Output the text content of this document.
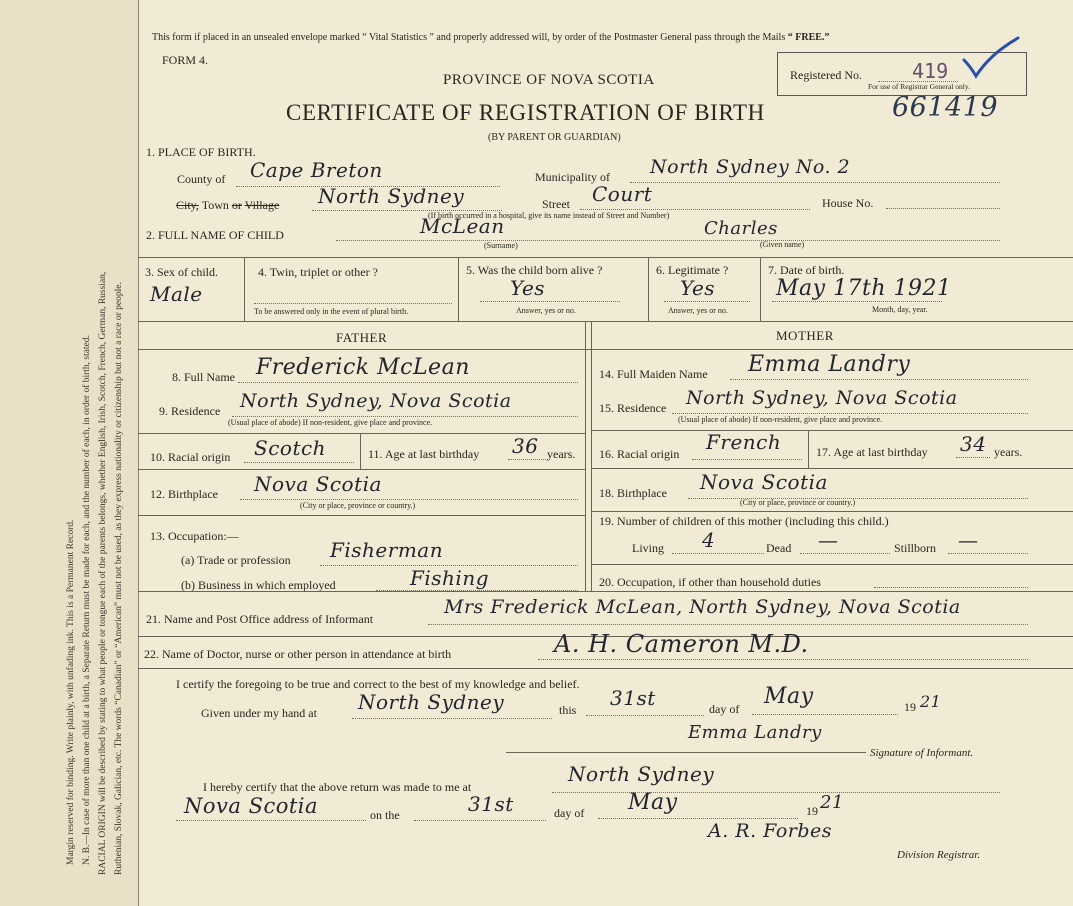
Margin reserved for binding. Write plainly, with unfading ink. This is a Permanent Record. N. B.—In case of more than one child at a birth, a Separate Return must be made for each, and the number of each, in order of birth, stated. RACIAL ORIGIN will be described by stating to what people or tongue each of the parents belongs, whether English, Irish, Scotch, French, German, Russian, Ruthenian, Slovak, Galician, etc. The words “Canadian” or “American” must not be used, as they express nationality or citizenship but not a race or people.
This form if placed in an unsealed envelope marked “ Vital Statistics ” and properly addressed will, by order of the Postmaster General pass through the Mails “ FREE.”
FORM 4.
PROVINCE OF NOVA SCOTIA
CERTIFICATE OF REGISTRATION OF BIRTH
(BY PARENT OR GUARDIAN)
661419
Registered No.	419
For use of Registrar General only.
1. PLACE OF BIRTH.
County of Cape Breton	Municipality of North Sydney No. 2
City, Town or Village North Sydney	Street Court	House No.
(If birth occurred in a hospital, give its name instead of Street and Number)
2. FULL NAME OF CHILD	McLean
(Surname)
Charles
(Given name)
3. Sex of child.
Male
4. Twin, triplet or other ?
To be answered only in the event of plural birth.
5. Was the child born alive ?
Yes
Answer, yes or no.
6. Legitimate ?
Yes
Answer, yes or no.
7. Date of birth.
May 17th 1921
Month, day, year.
FATHER	MOTHER
8. Full Name Frederick McLean
9. Residence North Sydney, Nova Scotia
(Usual place of abode) If non-resident, give place and province.
10. Racial origin Scotch	11. Age at last birthday 36 years.
12. Birthplace Nova Scotia
(City or place, province or country.)
13. Occupation:—
(a) Trade or profession Fisherman
(b) Business in which employed	Fishing
14. Full Maiden Name Emma Landry
15. Residence North Sydney, Nova Scotia
(Usual place of abode) If non-resident, give place and province.
16. Racial origin French	17. Age at last birthday 34 years.
18. Birthplace Nova Scotia
(City or place, province or country.)
19. Number of children of this mother (including this child.)
Living 4	Dead —	Stillborn —
20. Occupation, if other than household duties
21. Name and Post Office address of Informant
Mrs Frederick McLean, North Sydney, Nova Scotia
22. Name of Doctor, nurse or other person in attendance at birth	A. H. Cameron M.D.
I certify the foregoing to be true and correct to the best of my knowledge and belief.
Given under my hand at North Sydney	this 31st	day of May	19 21
Emma Landry
Signature of Informant.
I hereby certify that the above return was made to me at
North Sydney
Nova Scotia	on the	31st	day of May	19 21
A. R. Forbes
Division Registrar.
